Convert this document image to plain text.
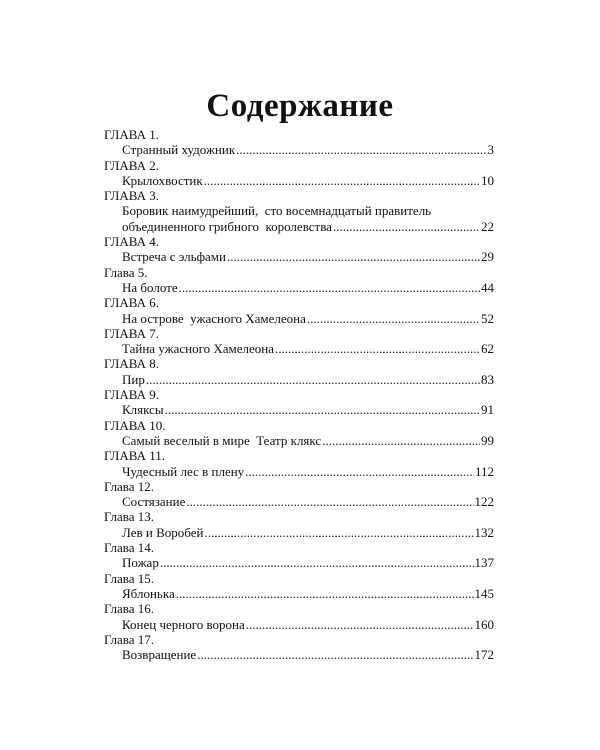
Содержание
ГЛАВА 1.
Странный художник .....	3
ГЛАВА 2.
Крылохвостик .....	10
ГЛАВА 3.
Боровик наимудрейший,  сто восемнадцатый правитель
объединенного грибного  королевства .....	22
ГЛАВА 4.
Встреча с эльфами .....	29
Глава 5.
На болоте .....	44
ГЛАВА 6.
На острове  ужасного Хамелеона .....	52
ГЛАВА 7.
Тайна ужасного Хамелеона .....	62
ГЛАВА 8.
Пир .....	83
ГЛАВА 9.
Кляксы .....	91
ГЛАВА 10.
Самый веселый в мире  Театр клякс .....	99
ГЛАВА 11.
Чудесный лес в плену .....	112
Глава 12.
Состязание .....	122
Глава 13.
Лев и Воробей .....	132
Глава 14.
Пожар .....	137
Глава 15.
Яблонька .....	145
Глава 16.
Конец черного ворона .....	160
Глава 17.
Возвращение .....	172
